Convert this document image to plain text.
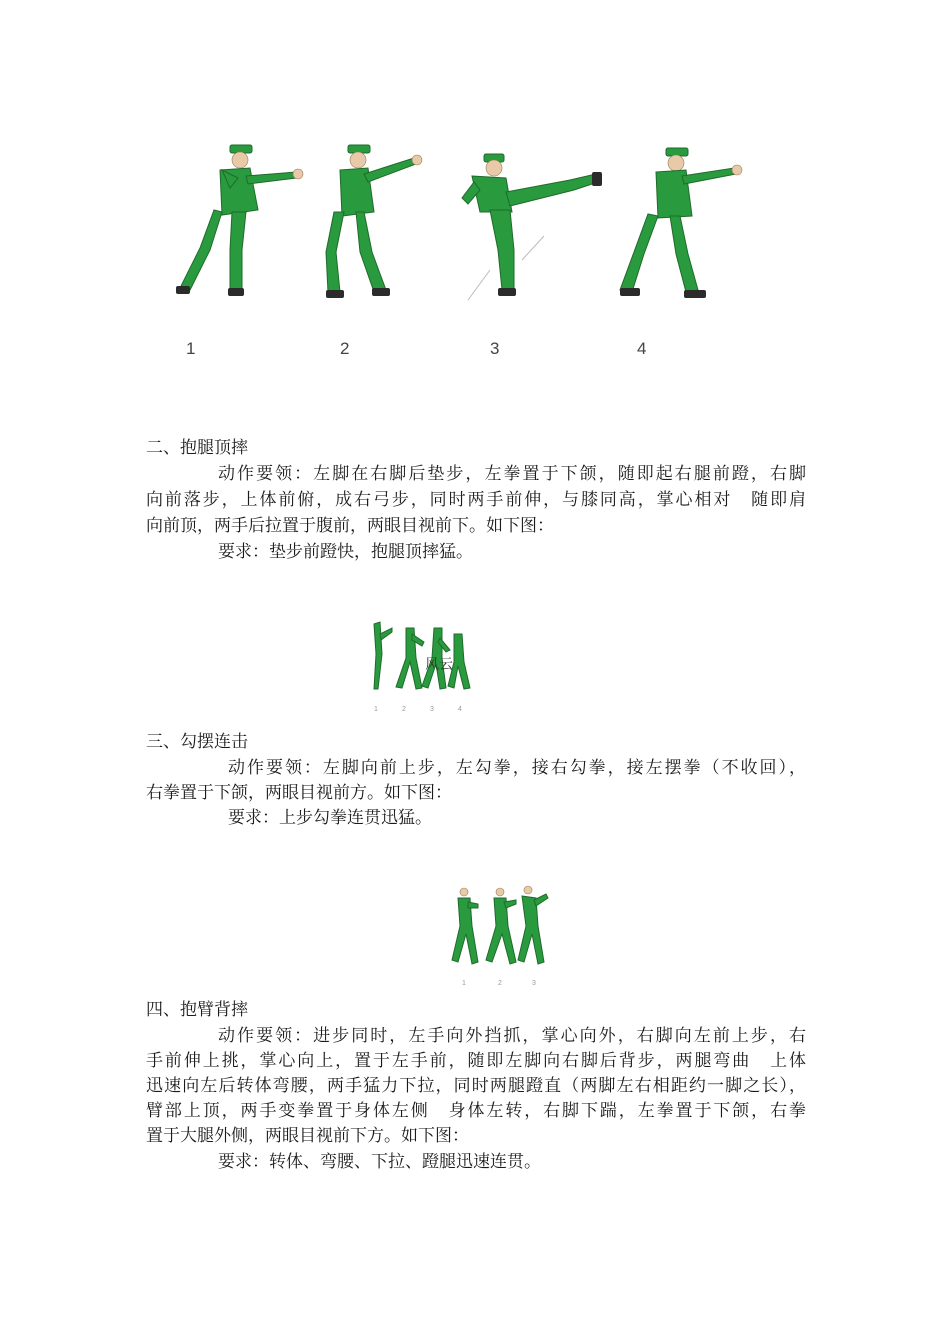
1	2	3	4
二、抱腿顶摔
动作要领：左脚在右脚后垫步，左拳置于下颌，随即起右腿前蹬，右脚
向前落步，上体前俯，成右弓步，同时两手前伸，与膝同高，掌心相对　随即肩
向前顶，两手后拉置于腹前，两眼目视前下。如下图：
要求：垫步前蹬快，抱腿顶摔猛。
风云
1	2	3	4
三、勾摆连击
动作要领：左脚向前上步，左勾拳，接右勾拳，接左摆拳（不收回），
右拳置于下颌，两眼目视前方。如下图：
要求：上步勾拳连贯迅猛。
1	2	3
四、抱臂背摔
动作要领：进步同时，左手向外挡抓，掌心向外，右脚向左前上步，右
手前伸上挑，掌心向上，置于左手前，随即左脚向右脚后背步，两腿弯曲　上体
迅速向左后转体弯腰，两手猛力下拉，同时两腿蹬直（两脚左右相距约一脚之长），
臂部上顶，两手变拳置于身体左侧　身体左转，右脚下踹，左拳置于下颌，右拳
置于大腿外侧，两眼目视前下方。如下图：
要求：转体、弯腰、下拉、蹬腿迅速连贯。
